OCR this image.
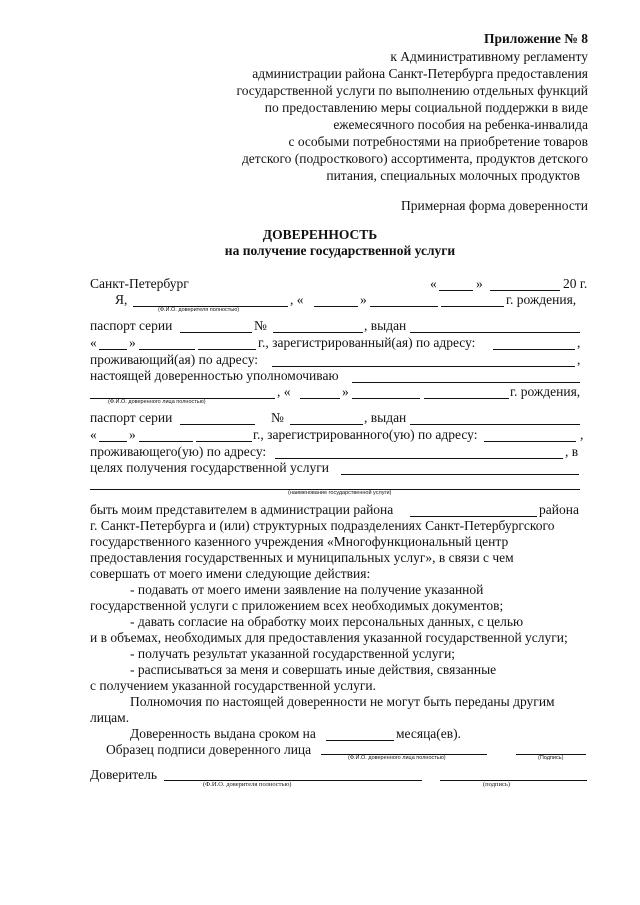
Приложение № 8
к Административному регламенту
администрации района Санкт-Петербурга предоставления
государственной услуги по выполнению отдельных функций
по предоставлению меры социальной поддержки в виде
ежемесячного пособия на ребенка-инвалида
с особыми потребностями на приобретение товаров
детского (подросткового) ассортимента, продуктов детского
питания, специальных молочных продуктов
Примерная форма доверенности
ДОВЕРЕННОСТЬ
на получение государственной услуги
Санкт-Петербург	«	»	20 г.
Я,
(Ф.И.О. доверителя полностью)
, «	»	г. рождения,
паспорт серии	№	, выдан
« »	г., зарегистрированный(ая) по адресу:	,
проживающий(ая) по адресу:	,
настоящей доверенностью уполномочиваю
(Ф.И.О. доверенного лица полностью)
, «	»	г. рождения,
паспорт серии	№	, выдан
« »	г., зарегистрированного(ую) по адресу:	,
проживающего(ую) по адресу:	, в
целях получения государственной услуги
(наименование государственной услуги)
быть моим представителем в администрации района	района
г. Санкт-Петербурга и (или) структурных подразделениях Санкт-Петербургского
государственного казенного учреждения «Многофункциональный центр
предоставления государственных и муниципальных услуг», в связи с чем
совершать от моего имени следующие действия:
- подавать от моего имени заявление на получение указанной
государственной услуги с приложением всех необходимых документов;
- давать согласие на обработку моих персональных данных, с целью
и в объемах, необходимых для предоставления указанной государственной услуги;
- получать результат указанной государственной услуги;
- расписываться за меня и совершать иные действия, связанные
с получением указанной государственной услуги.
Полномочия по настоящей доверенности не могут быть переданы другим
лицам.
Доверенность выдана сроком на	месяца(ев).
Образец подписи доверенного лица
(Ф.И.О. доверенного лица полностью)	(Подпись)
Доверитель
(Ф.И.О. доверителя полностью)	(подпись)
